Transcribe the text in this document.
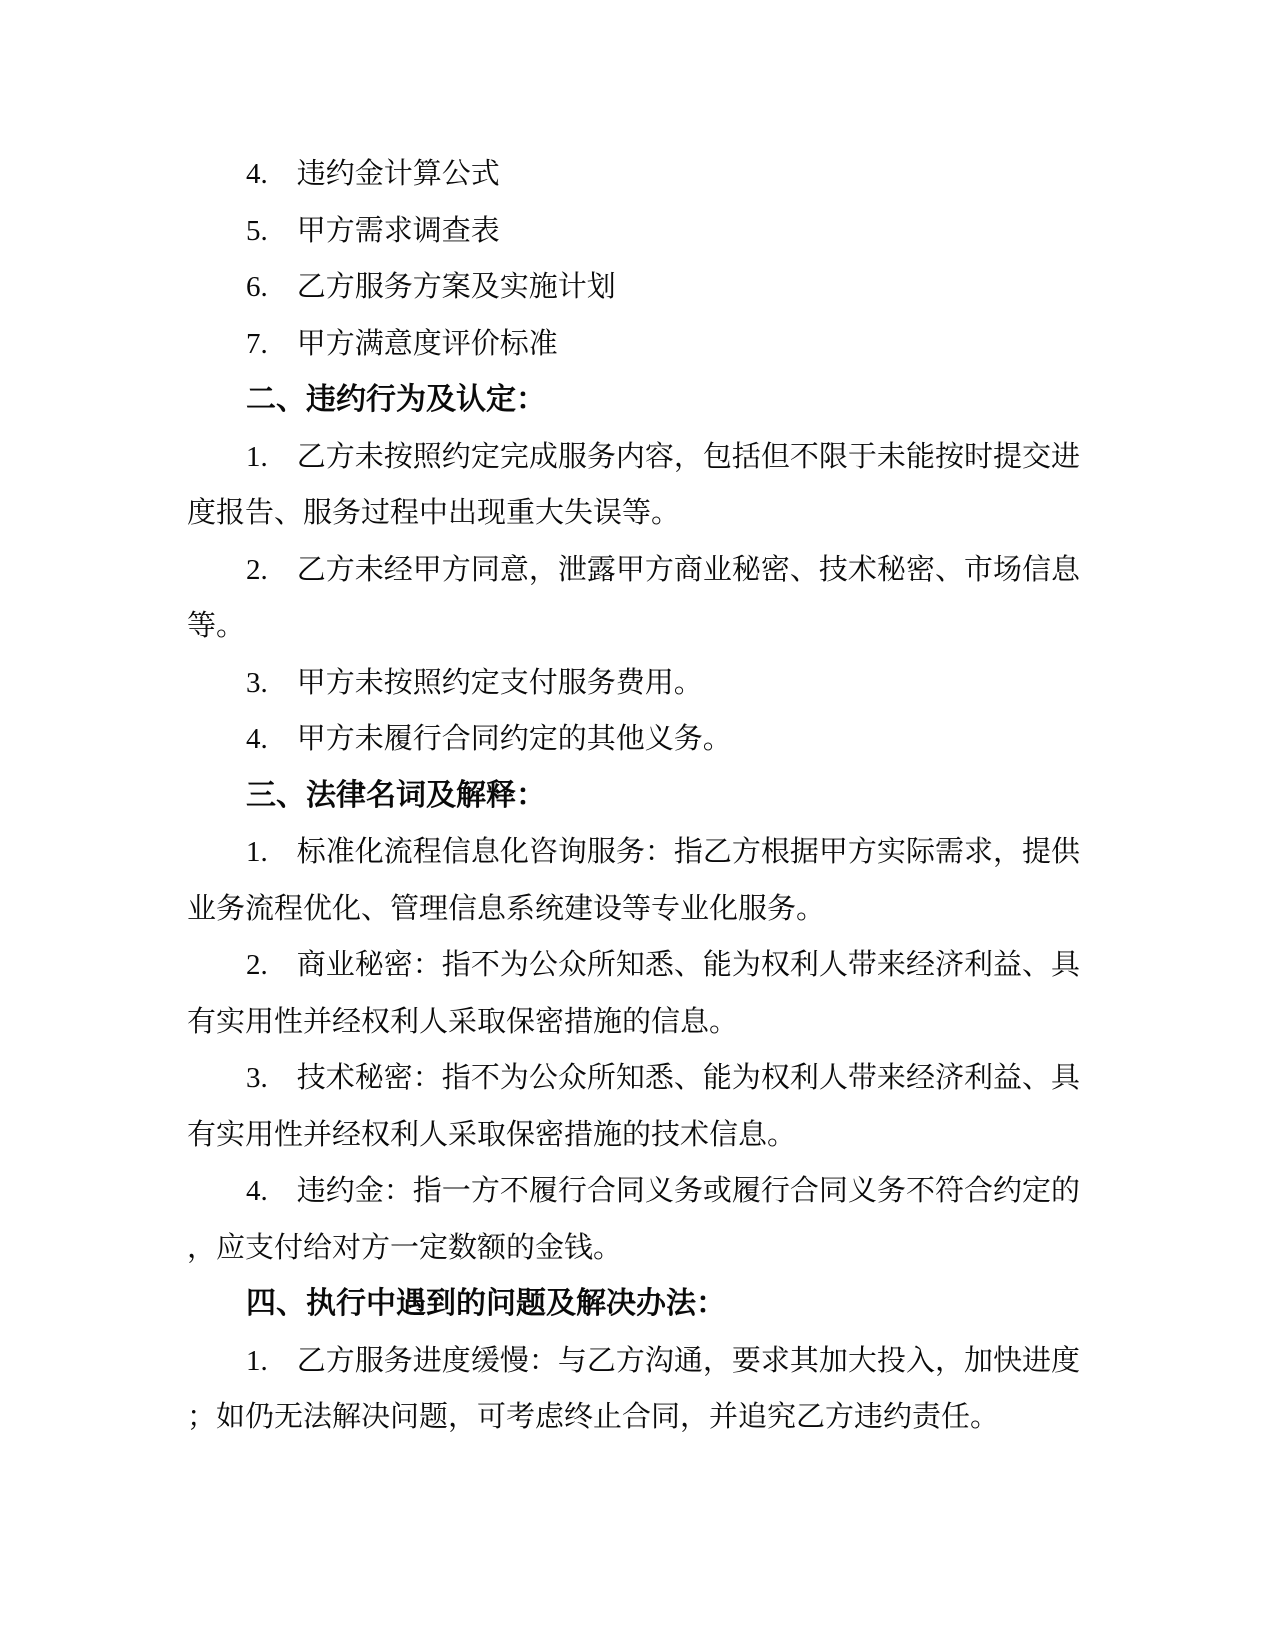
4.　违约金计算公式
5.　甲方需求调查表
6.　乙方服务方案及实施计划
7.　甲方满意度评价标准
二、违约行为及认定：
1.　乙方未按照约定完成服务内容，包括但不限于未能按时提交进
度报告、服务过程中出现重大失误等。
2.　乙方未经甲方同意，泄露甲方商业秘密、技术秘密、市场信息
等。
3.　甲方未按照约定支付服务费用。
4.　甲方未履行合同约定的其他义务。
三、法律名词及解释：
1.　标准化流程信息化咨询服务：指乙方根据甲方实际需求，提供
业务流程优化、管理信息系统建设等专业化服务。
2.　商业秘密：指不为公众所知悉、能为权利人带来经济利益、具
有实用性并经权利人采取保密措施的信息。
3.　技术秘密：指不为公众所知悉、能为权利人带来经济利益、具
有实用性并经权利人采取保密措施的技术信息。
4.　违约金：指一方不履行合同义务或履行合同义务不符合约定的
，应支付给对方一定数额的金钱。
四、执行中遇到的问题及解决办法：
1.　乙方服务进度缓慢：与乙方沟通，要求其加大投入，加快进度
；如仍无法解决问题，可考虑终止合同，并追究乙方违约责任。
